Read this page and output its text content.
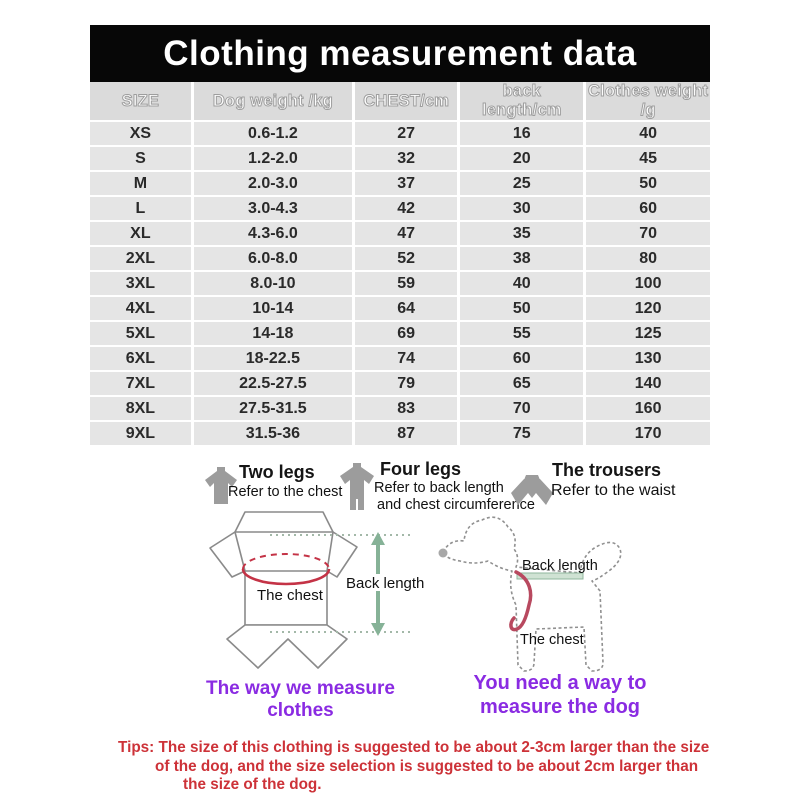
Clothing measurement data
SIZE	Dog weight /kg	CHEST/cm	back length/cm	Clothes weight /g
XS	0.6-1.2	27	16	40
S	1.2-2.0	32	20	45
M	2.0-3.0	37	25	50
L	3.0-4.3	42	30	60
XL	4.3-6.0	47	35	70
2XL	6.0-8.0	52	38	80
3XL	8.0-10	59	40	100
4XL	10-14	64	50	120
5XL	14-18	69	55	125
6XL	18-22.5	74	60	130
7XL	22.5-27.5	79	65	140
8XL	27.5-31.5	83	70	160
9XL	31.5-36	87	75	170
Two legs
Refer to the chest
Four legs
Refer to back length
and chest circumference
The trousers
Refer to the waist
The chest
Back length
Back length
The chest
The way we measure clothes
You need a way to
measure the dog
Tips: The size of this clothing is suggested to be about 2-3cm larger than the size
of the dog, and the size selection is suggested to be about 2cm larger than
the size of the dog.
